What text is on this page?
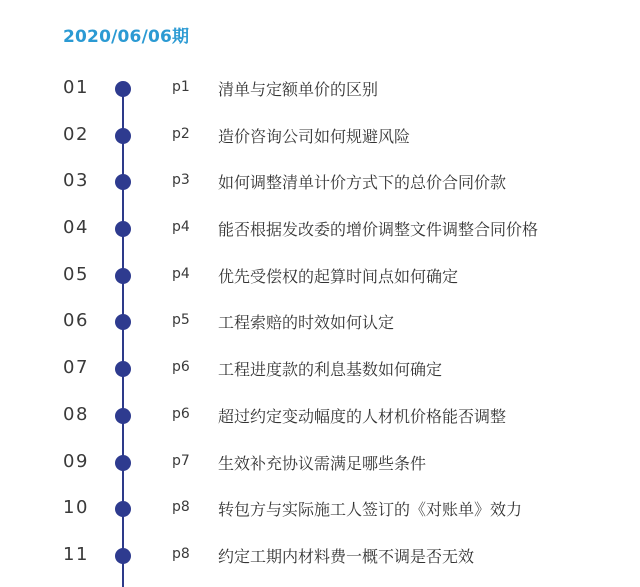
2020/06/06期
01	p1 清单与定额单价的区别
02	p2 造价咨询公司如何规避风险
03	p3 如何调整清单计价方式下的总价合同价款
04	p4 能否根据发改委的增价调整文件调整合同价格
05	p4 优先受偿权的起算时间点如何确定
06	p5 工程索赔的时效如何认定
07	p6 工程进度款的利息基数如何确定
08	p6 超过约定变动幅度的人材机价格能否调整
09	p7 生效补充协议需满足哪些条件
10	p8 转包方与实际施工人签订的《对账单》效力
11	p8 约定工期内材料费一概不调是否无效
